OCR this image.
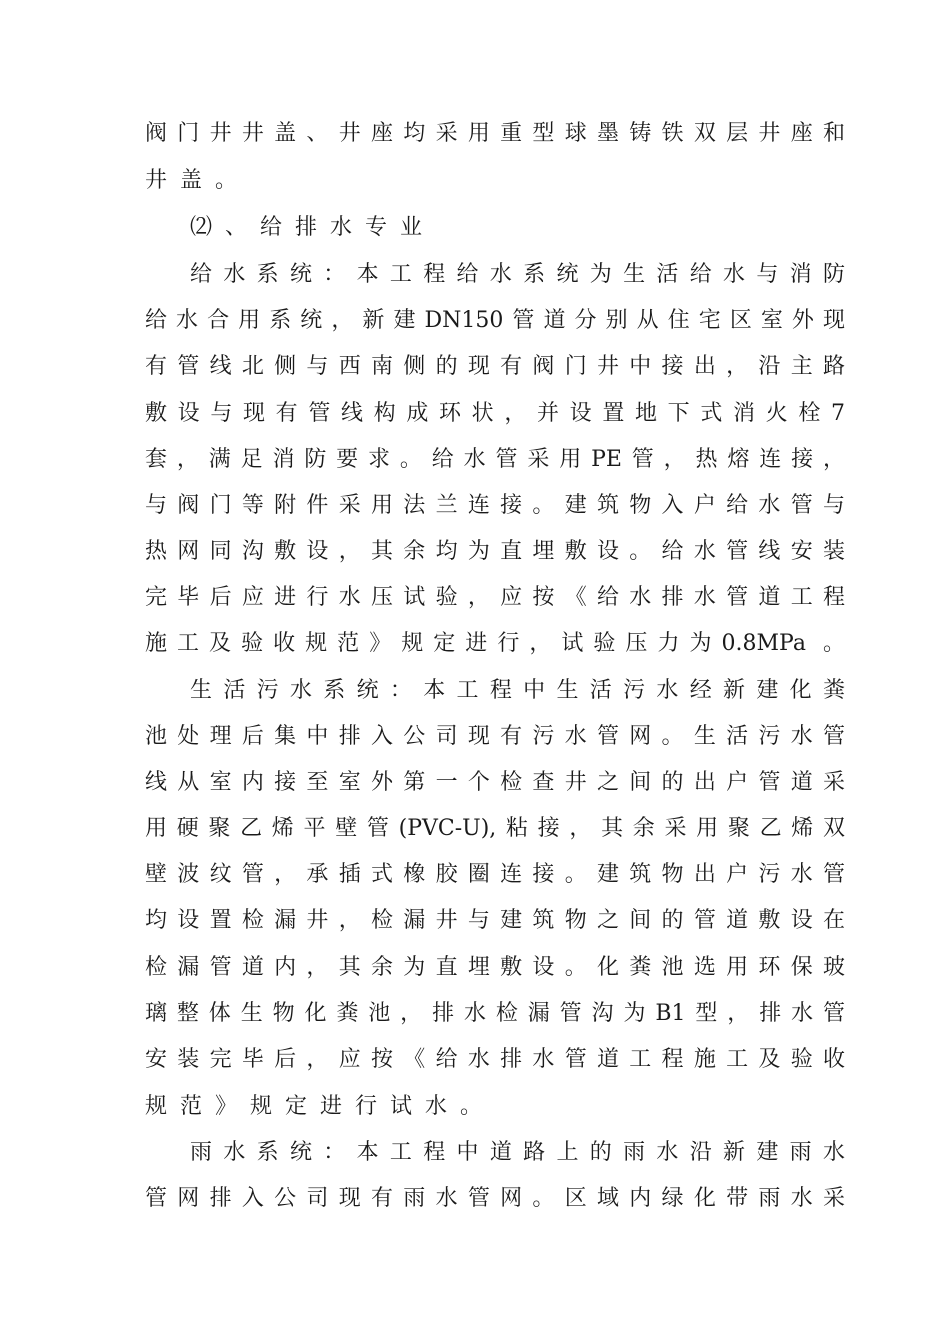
阀门井井盖、井座均采用重型球墨铸铁双层井座和
井盖。
⑵、给排水专业
给水系统：本工程给水系统为生活给水与消防
给水合用系统，新建DN150管道分别从住宅区室外现
有管线北侧与西南侧的现有阀门井中接出，沿主路
敷设与现有管线构成环状，并设置地下式消火栓7
套，满足消防要求。给水管采用PE管，热熔连接，
与阀门等附件采用法兰连接。建筑物入户给水管与
热网同沟敷设，其余均为直埋敷设。给水管线安装
完毕后应进行水压试验，应按《给水排水管道工程
施工及验收规范》规定进行，试验压力为0.8MPa 。
生活污水系统：本工程中生活污水经新建化粪
池处理后集中排入公司现有污水管网。生活污水管
线从室内接至室外第一个检查井之间的出户管道采
用硬聚乙烯平壁管(PVC-U),粘接，其余采用聚乙烯双
壁波纹管，承插式橡胶圈连接。建筑物出户污水管
均设置检漏井，检漏井与建筑物之间的管道敷设在
检漏管道内，其余为直埋敷设。化粪池选用环保玻
璃整体生物化粪池，排水检漏管沟为B1型，排水管
安装完毕后，应按《给水排水管道工程施工及验收
规范》规定进行试水。
雨水系统：本工程中道路上的雨水沿新建雨水
管网排入公司现有雨水管网。区域内绿化带雨水采
